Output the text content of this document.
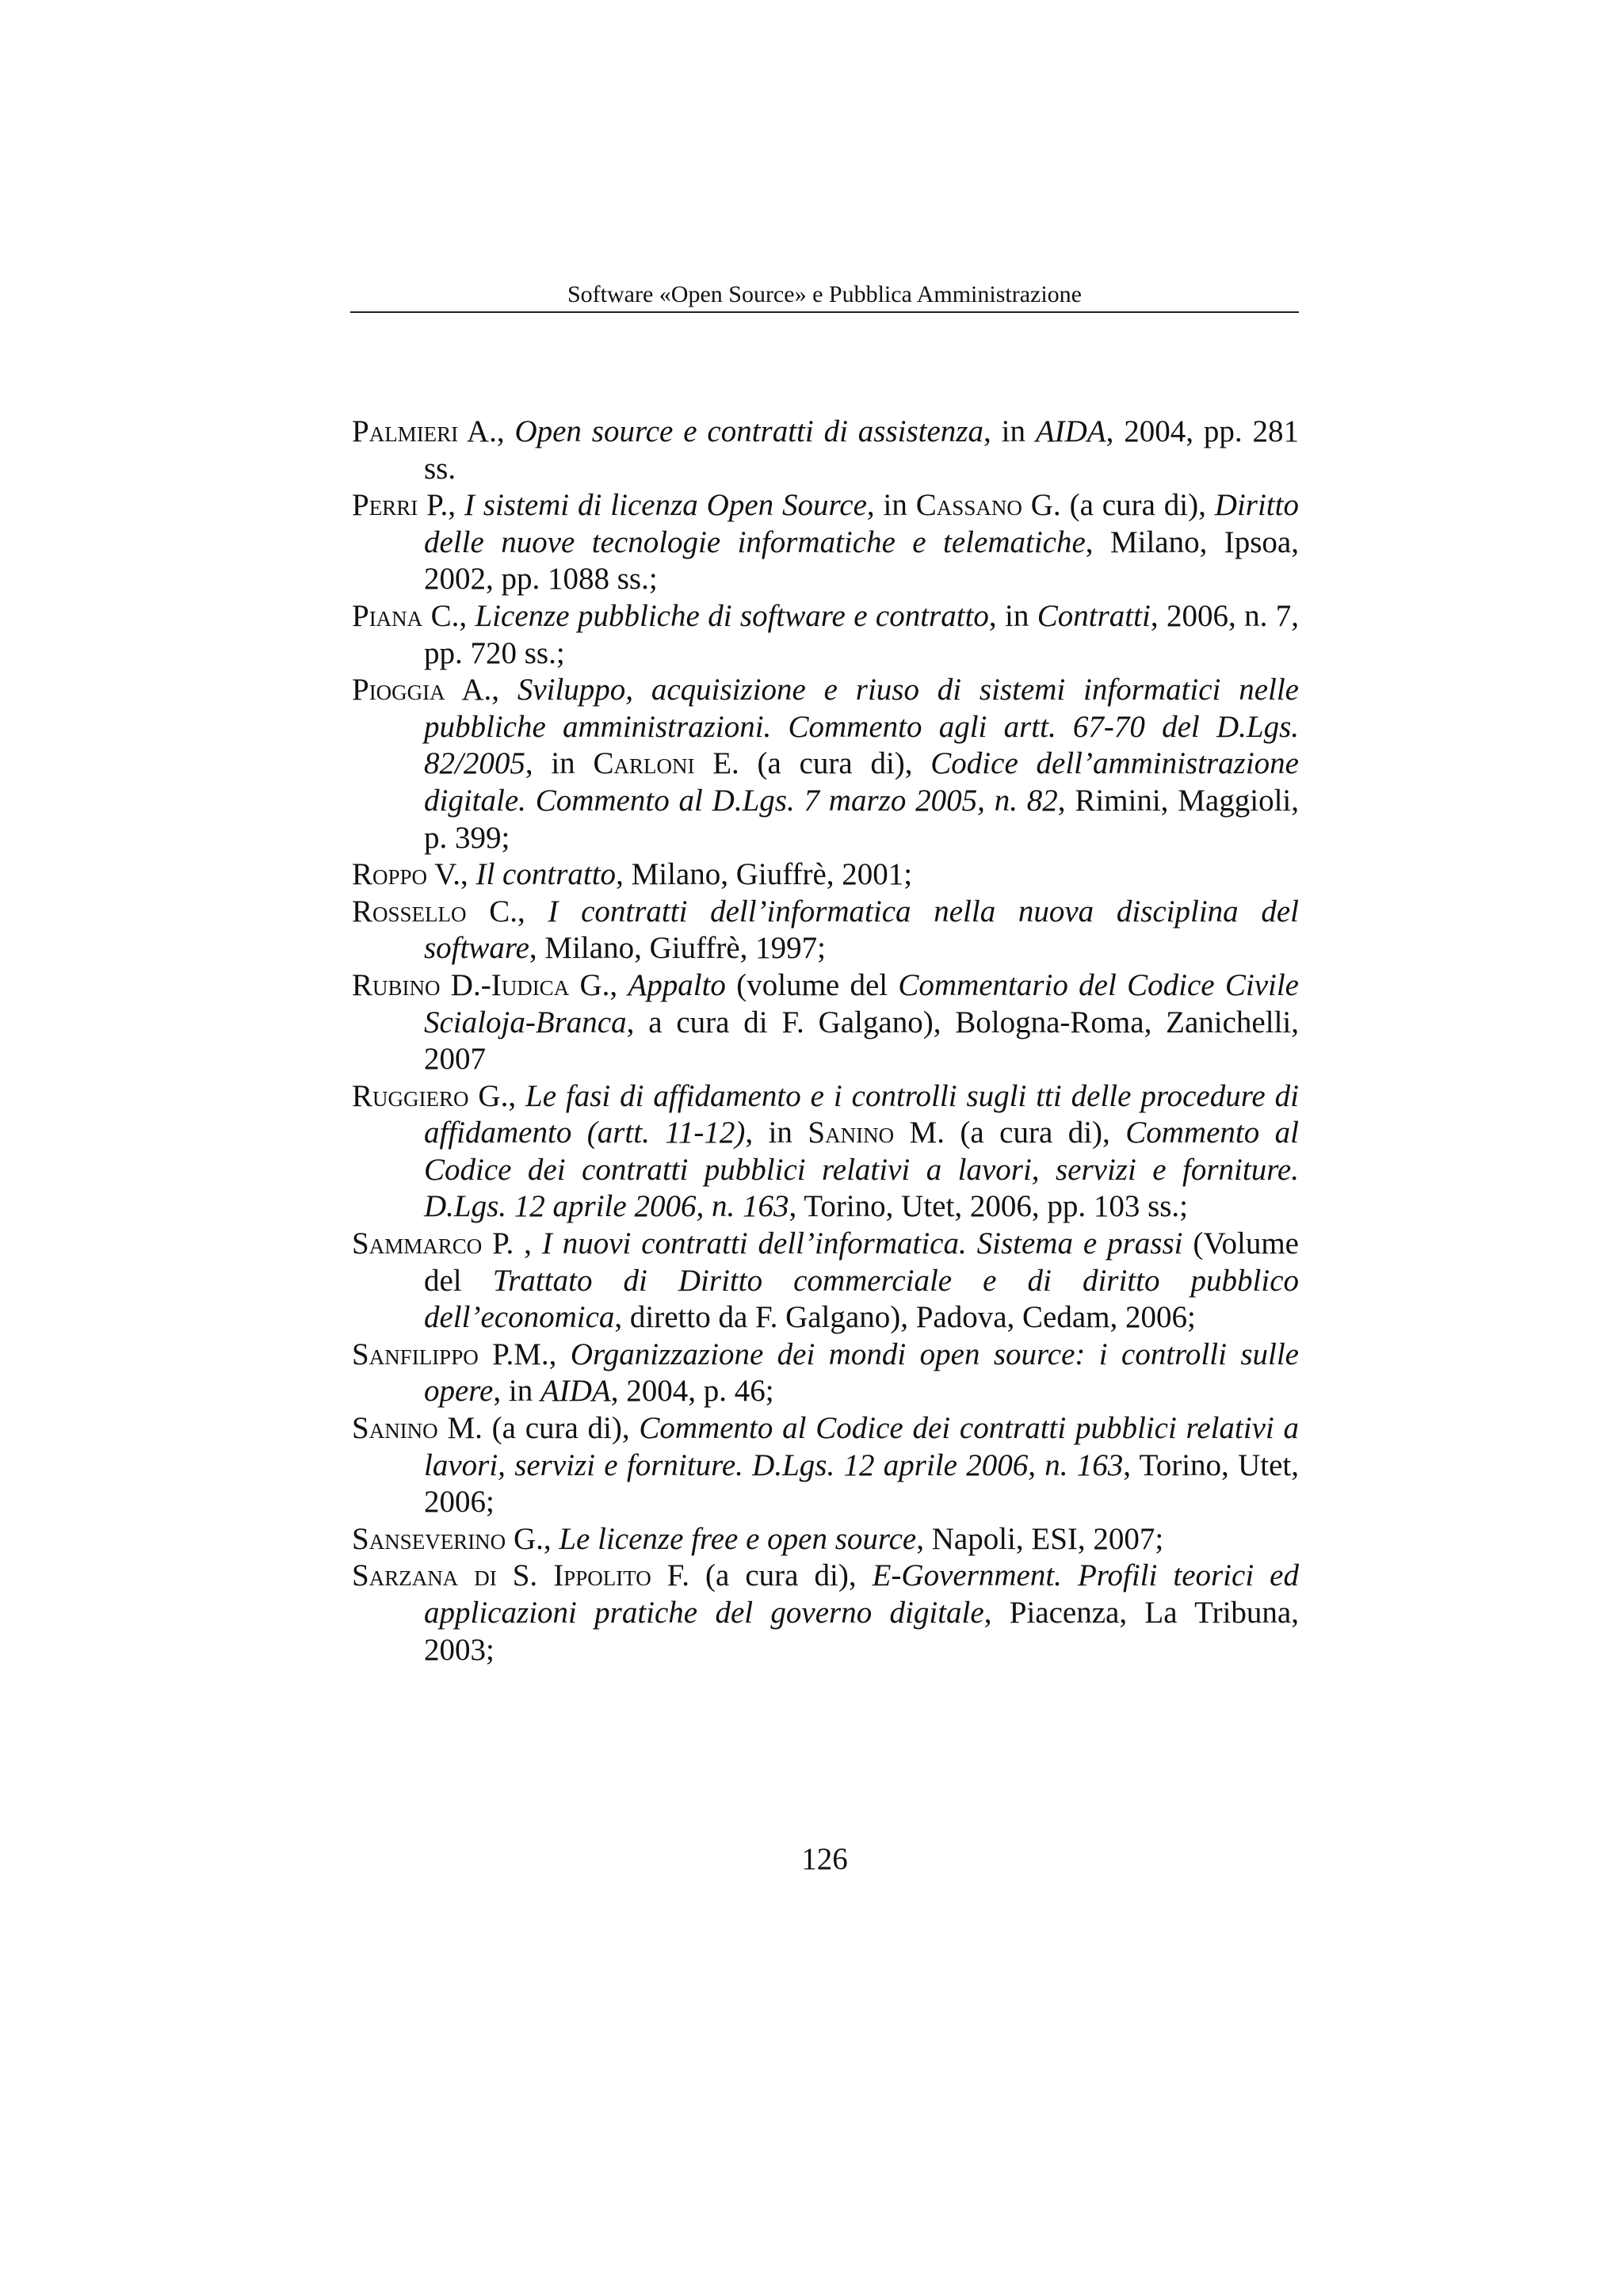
Software «Open Source» e Pubblica Amministrazione
Palmieri A., Open source e contratti di assistenza, in AIDA, 2004, pp. 281 ss.
Perri P., I sistemi di licenza Open Source, in Cassano G. (a cura di), Diritto delle nuove tecnologie informatiche e telematiche, Milano, Ipsoa, 2002, pp. 1088 ss.;
Piana C., Licenze pubbliche di software e contratto, in Contratti, 2006, n. 7, pp. 720 ss.;
Pioggia A., Sviluppo, acquisizione e riuso di sistemi informatici nelle pubbliche amministrazioni. Commento agli artt. 67-70 del D.Lgs. 82/2005, in Carloni E. (a cura di), Codice dell’amministrazione digitale. Commento al D.Lgs. 7 marzo 2005, n. 82, Rimini, Maggioli, p. 399;
Roppo V., Il contratto, Milano, Giuffrè, 2001;
Rossello C., I contratti dell’informatica nella nuova disciplina del software, Milano, Giuffrè, 1997;
Rubino D.-Iudica G., Appalto (volume del Commentario del Codice Civile Scialoja-Branca, a cura di F. Galgano), Bologna-Roma, Zanichelli, 2007
Ruggiero G., Le fasi di affidamento e i controlli sugli tti delle procedure di affidamento (artt. 11-12), in Sanino M. (a cura di), Commento al Codice dei contratti pubblici relativi a lavori, servizi e forniture. D.Lgs. 12 aprile 2006, n. 163, Torino, Utet, 2006, pp. 103 ss.;
Sammarco P. , I nuovi contratti dell’informatica. Sistema e prassi (Volume del Trattato di Diritto commerciale e di diritto pubblico dell’economica, diretto da F. Galgano), Padova, Cedam, 2006;
Sanfilippo P.M., Organizzazione dei mondi open source: i controlli sulle opere, in AIDA, 2004, p. 46;
Sanino M. (a cura di), Commento al Codice dei contratti pubblici relativi a lavori, servizi e forniture. D.Lgs. 12 aprile 2006, n. 163, Torino, Utet, 2006;
Sanseverino G., Le licenze free e open source, Napoli, ESI, 2007;
Sarzana di S. Ippolito F. (a cura di), E-Government. Profili teorici ed applicazioni pratiche del governo digitale, Piacenza, La Tribuna, 2003;
126
